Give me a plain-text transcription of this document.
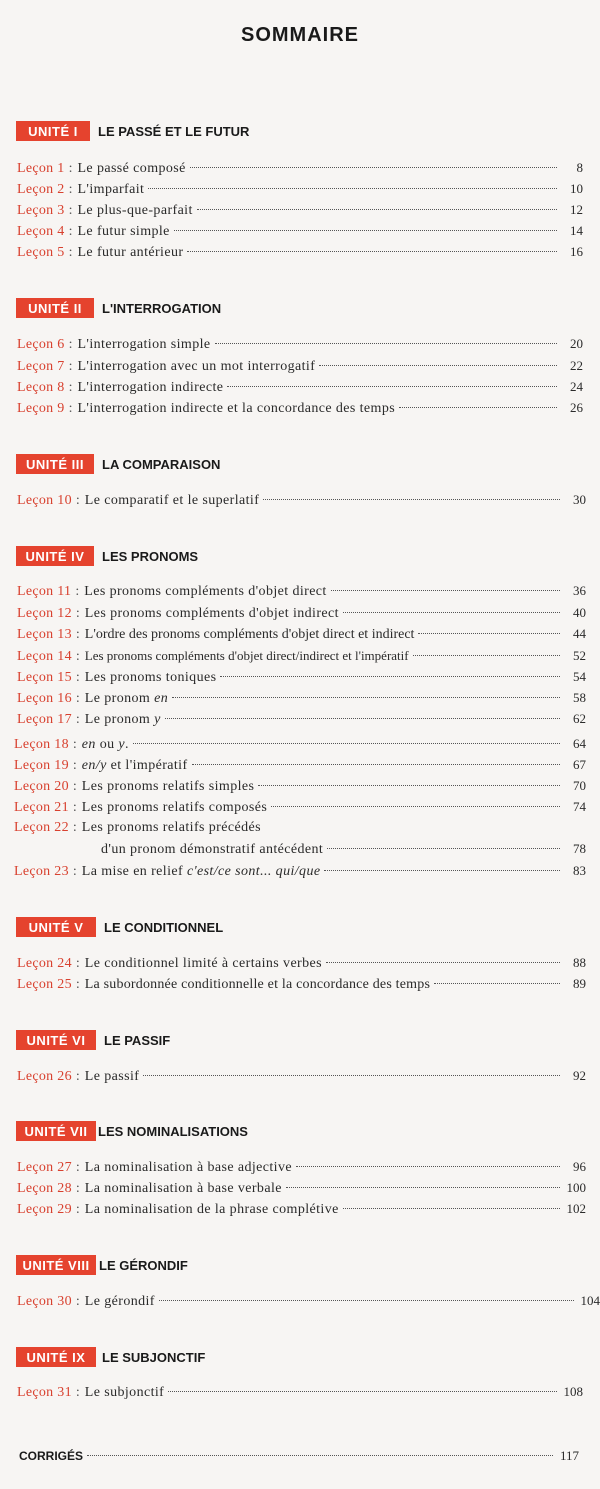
SOMMAIRE
UNITÉ I	LE PASSÉ ET LE FUTUR
Leçon 1 : Le passé composé	8
Leçon 2 : L'imparfait	10
Leçon 3 : Le plus-que-parfait	12
Leçon 4 : Le futur simple	14
Leçon 5 : Le futur antérieur	16
UNITÉ II	L'INTERROGATION
Leçon 6 : L'interrogation simple	20
Leçon 7 : L'interrogation avec un mot interrogatif	22
Leçon 8 : L'interrogation indirecte	24
Leçon 9 : L'interrogation indirecte et la concordance des temps	26
UNITÉ III	LA COMPARAISON
Leçon 10 : Le comparatif et le superlatif	30
UNITÉ IV	LES PRONOMS
Leçon 11 : Les pronoms compléments d'objet direct	36
Leçon 12 : Les pronoms compléments d'objet indirect	40
Leçon 13 : L'ordre des pronoms compléments d'objet direct et indirect	44
Leçon 14 : Les pronoms compléments d'objet direct/indirect et l'impératif	52
Leçon 15 : Les pronoms toniques	54
Leçon 16 : Le pronom en	58
Leçon 17 : Le pronom y	62
Leçon 18 : en ou y.	64
Leçon 19 : en/y et l'impératif	67
Leçon 20 : Les pronoms relatifs simples	70
Leçon 21 : Les pronoms relatifs composés	74
Leçon 22 : Les pronoms relatifs précédés
d'un pronom démonstratif antécédent	78
Leçon 23 : La mise en relief c'est/ce sont... qui/que	83
UNITÉ V	LE CONDITIONNEL
Leçon 24 : Le conditionnel limité à certains verbes	88
Leçon 25 : La subordonnée conditionnelle et la concordance des temps	89
UNITÉ VI	LE PASSIF
Leçon 26 : Le passif	92
UNITÉ VII LES NOMINALISATIONS
Leçon 27 : La nominalisation à base adjective	96
Leçon 28 : La nominalisation à base verbale	100
Leçon 29 : La nominalisation de la phrase complétive	102
UNITÉ VIII LE GÉRONDIF
Leçon 30 : Le gérondif	104
UNITÉ IX	LE SUBJONCTIF
Leçon 31 : Le subjonctif	108
CORRIGÉS	117
